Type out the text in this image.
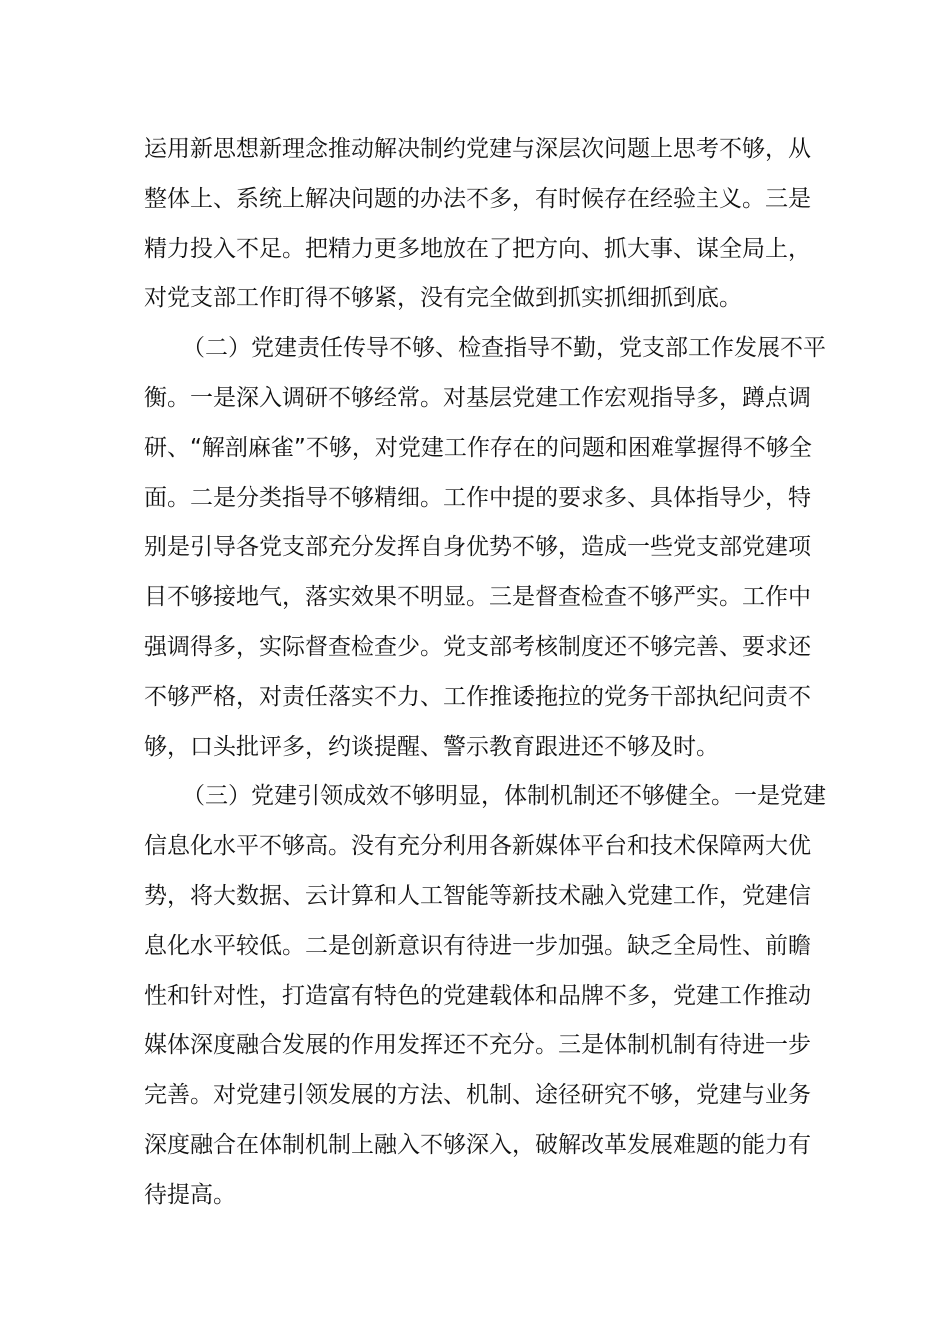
运用新思想新理念推动解决制约党建与深层次问题上思考不够，从
整体上、系统上解决问题的办法不多，有时候存在经验主义。三是
精力投入不足。把精力更多地放在了把方向、抓大事、谋全局上，
对党支部工作盯得不够紧，没有完全做到抓实抓细抓到底。
（二）党建责任传导不够、检查指导不勤，党支部工作发展不平
衡。一是深入调研不够经常。对基层党建工作宏观指导多，蹲点调
研、“解剖麻雀”不够，对党建工作存在的问题和困难掌握得不够全
面。二是分类指导不够精细。工作中提的要求多、具体指导少，特
别是引导各党支部充分发挥自身优势不够，造成一些党支部党建项
目不够接地气，落实效果不明显。三是督查检查不够严实。工作中
强调得多，实际督查检查少。党支部考核制度还不够完善、要求还
不够严格，对责任落实不力、工作推诿拖拉的党务干部执纪问责不
够，口头批评多，约谈提醒、警示教育跟进还不够及时。
（三）党建引领成效不够明显，体制机制还不够健全。一是党建
信息化水平不够高。没有充分利用各新媒体平台和技术保障两大优
势，将大数据、云计算和人工智能等新技术融入党建工作，党建信
息化水平较低。二是创新意识有待进一步加强。缺乏全局性、前瞻
性和针对性，打造富有特色的党建载体和品牌不多，党建工作推动
媒体深度融合发展的作用发挥还不充分。三是体制机制有待进一步
完善。对党建引领发展的方法、机制、途径研究不够，党建与业务
深度融合在体制机制上融入不够深入，破解改革发展难题的能力有
待提高。
